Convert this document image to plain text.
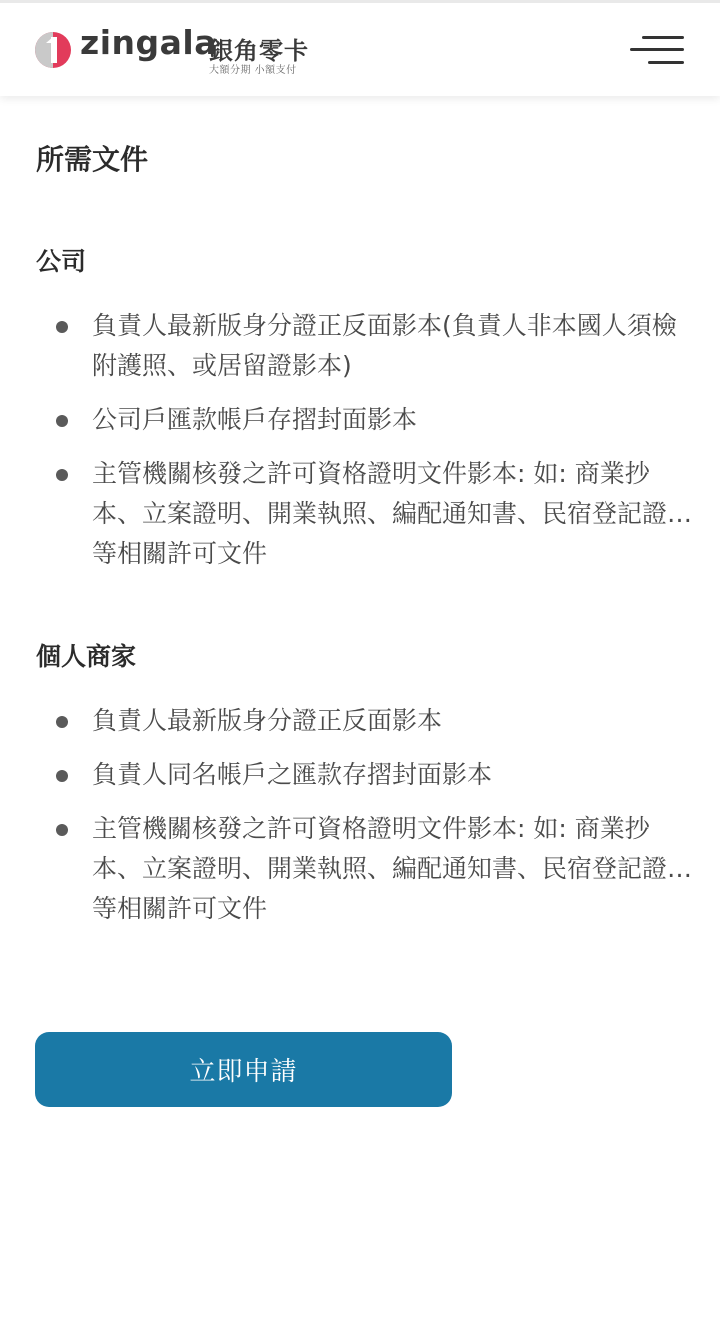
zingala
銀角零卡
大額分期 小額支付
所需文件
公司
負責人最新版身分證正反面影本(負責人非本國人須檢附護照、或居留證影本)
公司戶匯款帳戶存摺封面影本
主管機關核發之許可資格證明文件影本: 如: 商業抄本、立案證明、開業執照、編配通知書、民宿登記證…等相關許可文件
個人商家
負責人最新版身分證正反面影本
負責人同名帳戶之匯款存摺封面影本
主管機關核發之許可資格證明文件影本: 如: 商業抄本、立案證明、開業執照、編配通知書、民宿登記證…等相關許可文件
立即申請
